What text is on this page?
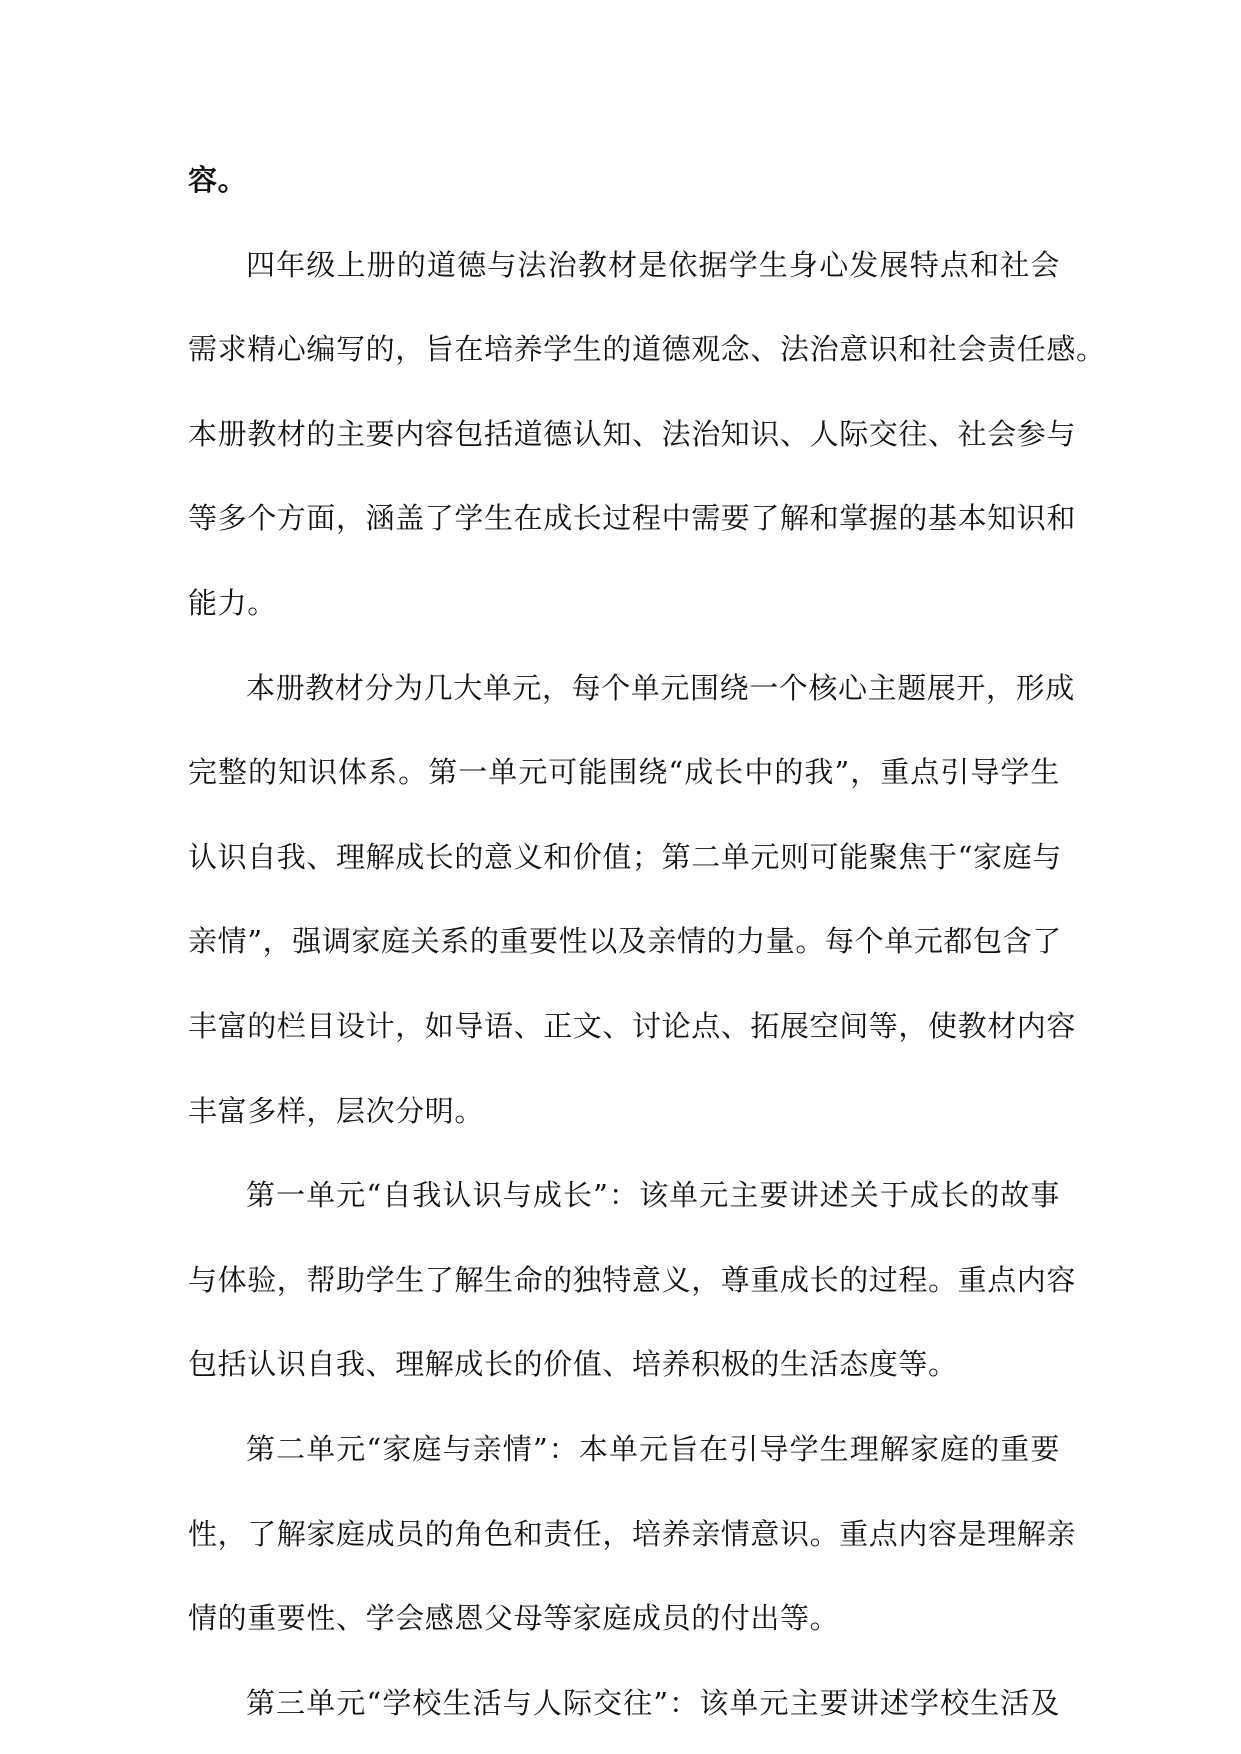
容。
四年级上册的道德与法治教材是依据学生身心发展特点和社会
需求精心编写的，旨在培养学生的道德观念、法治意识和社会责任感。
本册教材的主要内容包括道德认知、法治知识、人际交往、社会参与
等多个方面，涵盖了学生在成长过程中需要了解和掌握的基本知识和
能力。
本册教材分为几大单元，每个单元围绕一个核心主题展开，形成
完整的知识体系。第一单元可能围绕“成长中的我”，重点引导学生
认识自我、理解成长的意义和价值；第二单元则可能聚焦于“家庭与
亲情”，强调家庭关系的重要性以及亲情的力量。每个单元都包含了
丰富的栏目设计，如导语、正文、讨论点、拓展空间等，使教材内容
丰富多样，层次分明。
第一单元“自我认识与成长”：该单元主要讲述关于成长的故事
与体验，帮助学生了解生命的独特意义，尊重成长的过程。重点内容
包括认识自我、理解成长的价值、培养积极的生活态度等。
第二单元“家庭与亲情”：本单元旨在引导学生理解家庭的重要
性，了解家庭成员的角色和责任，培养亲情意识。重点内容是理解亲
情的重要性、学会感恩父母等家庭成员的付出等。
第三单元“学校生活与人际交往”：该单元主要讲述学校生活及
